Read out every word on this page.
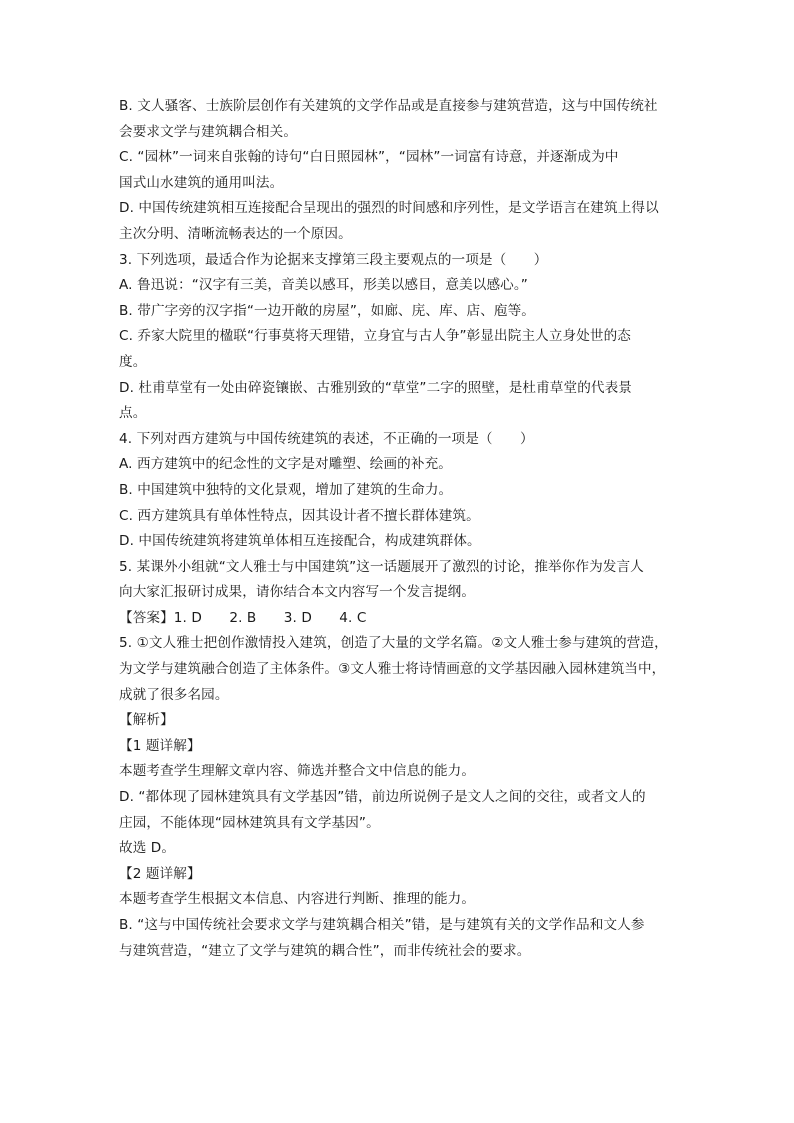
B. 文人骚客、士族阶层创作有关建筑的文学作品或是直接参与建筑营造，这与中国传统社
会要求文学与建筑耦合相关。
C. “园林”一词来自张翰的诗句“白日照园林”，“园林”一词富有诗意，并逐渐成为中
国式山水建筑的通用叫法。
D. 中国传统建筑相互连接配合呈现出的强烈的时间感和序列性，是文学语言在建筑上得以
主次分明、清晰流畅表达的一个原因。
3. 下列选项，最适合作为论据来支撑第三段主要观点的一项是（　　）
A. 鲁迅说：“汉字有三美，音美以感耳，形美以感目，意美以感心。”
B. 带广字旁的汉字指“一边开敞的房屋”，如廊、庑、库、店、庖等。
C. 乔家大院里的楹联“行事莫将天理错，立身宜与古人争”彰显出院主人立身处世的态
度。
D. 杜甫草堂有一处由碎瓷镶嵌、古雅别致的“草堂”二字的照壁，是杜甫草堂的代表景
点。
4. 下列对西方建筑与中国传统建筑的表述，不正确的一项是（　　）
A. 西方建筑中的纪念性的文字是对雕塑、绘画的补充。
B. 中国建筑中独特的文化景观，增加了建筑的生命力。
C. 西方建筑具有单体性特点，因其设计者不擅长群体建筑。
D. 中国传统建筑将建筑单体相互连接配合，构成建筑群体。
5. 某课外小组就“文人雅士与中国建筑”这一话题展开了激烈的讨论，推举你作为发言人
向大家汇报研讨成果，请你结合本文内容写一个发言提纲。
【答案】1. D　　2. B　　3. D　　4. C
5. ①文人雅士把创作激情投入建筑，创造了大量的文学名篇。②文人雅士参与建筑的营造，
为文学与建筑融合创造了主体条件。③文人雅士将诗情画意的文学基因融入园林建筑当中，
成就了很多名园。
【解析】
【1 题详解】
本题考查学生理解文章内容、筛选并整合文中信息的能力。
D. “都体现了园林建筑具有文学基因”错，前边所说例子是文人之间的交往，或者文人的
庄园，不能体现“园林建筑具有文学基因”。
故选 D。
【2 题详解】
本题考查学生根据文本信息、内容进行判断、推理的能力。
B. “这与中国传统社会要求文学与建筑耦合相关”错，是与建筑有关的文学作品和文人参
与建筑营造，“建立了文学与建筑的耦合性”，而非传统社会的要求。
